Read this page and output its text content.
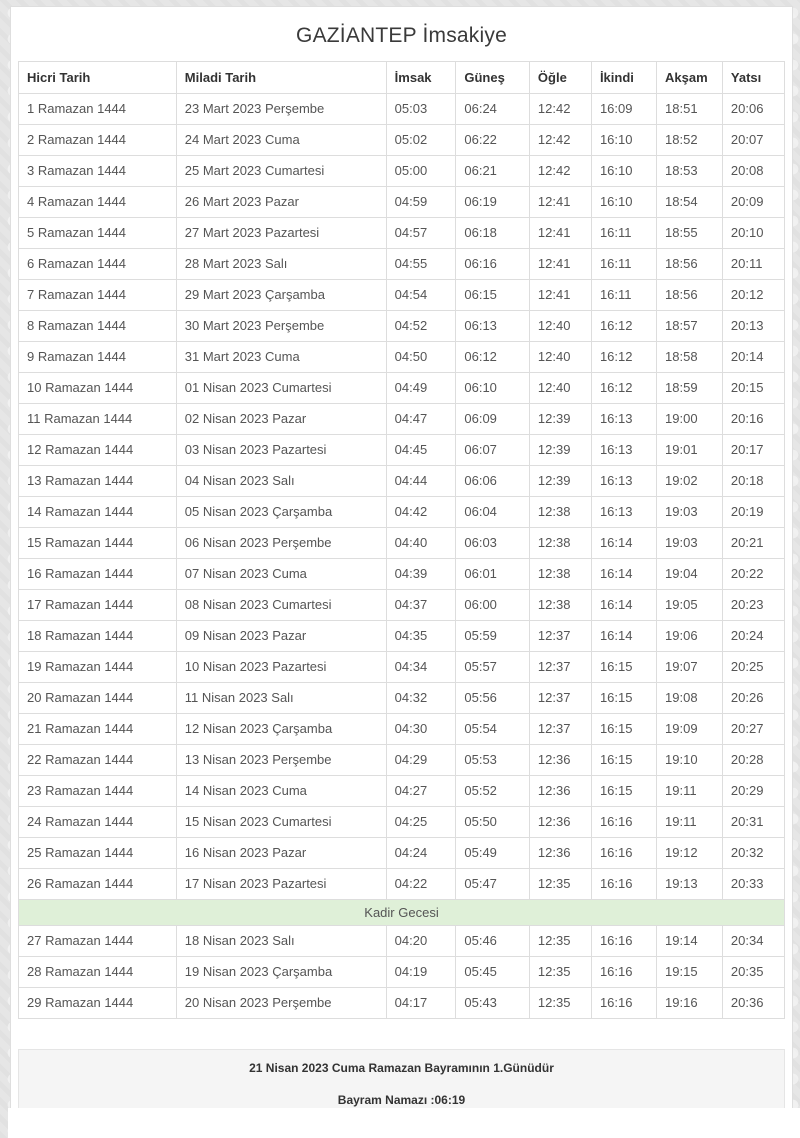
GAZİANTEP İmsakiye
Hicri Tarih	Miladi Tarih	İmsak	Güneş	Öğle	İkindi	Akşam	Yatsı
1 Ramazan 1444	23 Mart 2023 Perşembe	05:03	06:24	12:42	16:09	18:51	20:06
2 Ramazan 1444	24 Mart 2023 Cuma	05:02	06:22	12:42	16:10	18:52	20:07
3 Ramazan 1444	25 Mart 2023 Cumartesi	05:00	06:21	12:42	16:10	18:53	20:08
4 Ramazan 1444	26 Mart 2023 Pazar	04:59	06:19	12:41	16:10	18:54	20:09
5 Ramazan 1444	27 Mart 2023 Pazartesi	04:57	06:18	12:41	16:11	18:55	20:10
6 Ramazan 1444	28 Mart 2023 Salı	04:55	06:16	12:41	16:11	18:56	20:11
7 Ramazan 1444	29 Mart 2023 Çarşamba	04:54	06:15	12:41	16:11	18:56	20:12
8 Ramazan 1444	30 Mart 2023 Perşembe	04:52	06:13	12:40	16:12	18:57	20:13
9 Ramazan 1444	31 Mart 2023 Cuma	04:50	06:12	12:40	16:12	18:58	20:14
10 Ramazan 1444	01 Nisan 2023 Cumartesi	04:49	06:10	12:40	16:12	18:59	20:15
11 Ramazan 1444	02 Nisan 2023 Pazar	04:47	06:09	12:39	16:13	19:00	20:16
12 Ramazan 1444	03 Nisan 2023 Pazartesi	04:45	06:07	12:39	16:13	19:01	20:17
13 Ramazan 1444	04 Nisan 2023 Salı	04:44	06:06	12:39	16:13	19:02	20:18
14 Ramazan 1444	05 Nisan 2023 Çarşamba	04:42	06:04	12:38	16:13	19:03	20:19
15 Ramazan 1444	06 Nisan 2023 Perşembe	04:40	06:03	12:38	16:14	19:03	20:21
16 Ramazan 1444	07 Nisan 2023 Cuma	04:39	06:01	12:38	16:14	19:04	20:22
17 Ramazan 1444	08 Nisan 2023 Cumartesi	04:37	06:00	12:38	16:14	19:05	20:23
18 Ramazan 1444	09 Nisan 2023 Pazar	04:35	05:59	12:37	16:14	19:06	20:24
19 Ramazan 1444	10 Nisan 2023 Pazartesi	04:34	05:57	12:37	16:15	19:07	20:25
20 Ramazan 1444	11 Nisan 2023 Salı	04:32	05:56	12:37	16:15	19:08	20:26
21 Ramazan 1444	12 Nisan 2023 Çarşamba	04:30	05:54	12:37	16:15	19:09	20:27
22 Ramazan 1444	13 Nisan 2023 Perşembe	04:29	05:53	12:36	16:15	19:10	20:28
23 Ramazan 1444	14 Nisan 2023 Cuma	04:27	05:52	12:36	16:15	19:11	20:29
24 Ramazan 1444	15 Nisan 2023 Cumartesi	04:25	05:50	12:36	16:16	19:11	20:31
25 Ramazan 1444	16 Nisan 2023 Pazar	04:24	05:49	12:36	16:16	19:12	20:32
26 Ramazan 1444	17 Nisan 2023 Pazartesi	04:22	05:47	12:35	16:16	19:13	20:33
Kadir Gecesi							
27 Ramazan 1444	18 Nisan 2023 Salı	04:20	05:46	12:35	16:16	19:14	20:34
28 Ramazan 1444	19 Nisan 2023 Çarşamba	04:19	05:45	12:35	16:16	19:15	20:35
29 Ramazan 1444	20 Nisan 2023 Perşembe	04:17	05:43	12:35	16:16	19:16	20:36

21 Nisan 2023 Cuma Ramazan Bayramının 1.Günüdür

Bayram Namazı :06:19
